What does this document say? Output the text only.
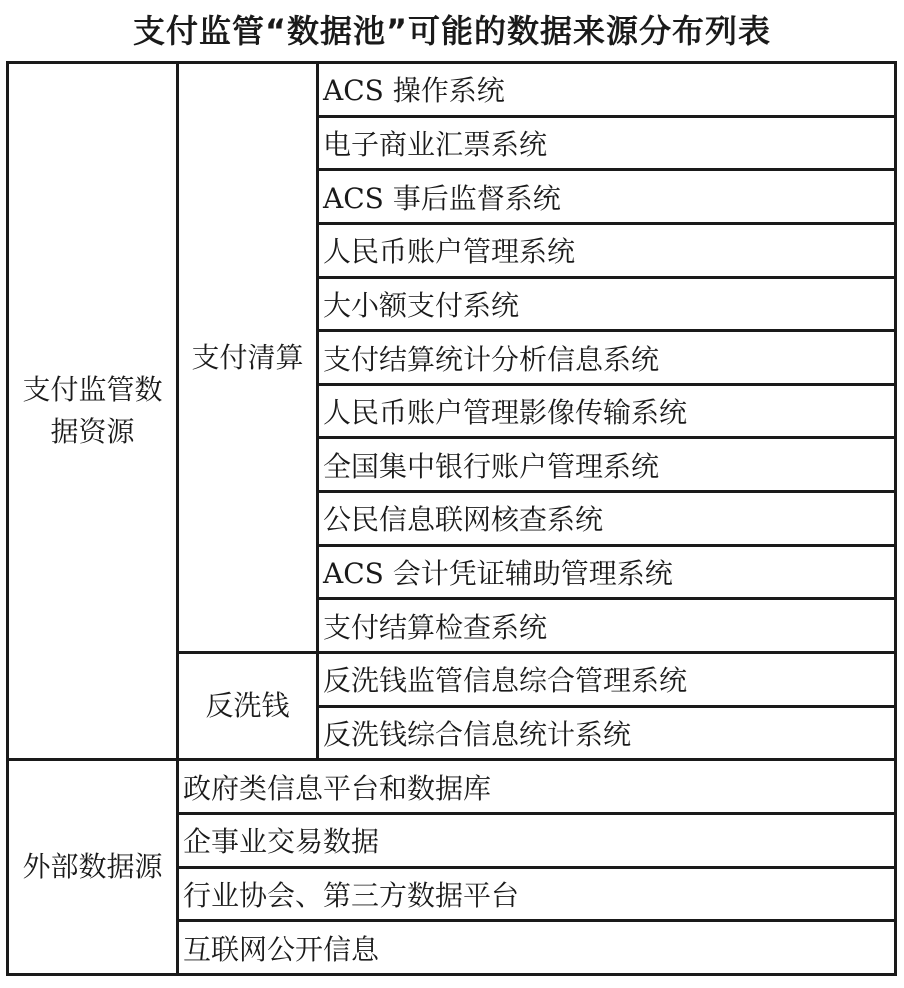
支付监管“数据池”可能的数据来源分布列表
支付监管数据资源	支付清算	ACS 操作系统
		电子商业汇票系统
		ACS 事后监督系统
		人民币账户管理系统
		大小额支付系统
		支付结算统计分析信息系统
		人民币账户管理影像传输系统
		全国集中银行账户管理系统
		公民信息联网核查系统
		ACS 会计凭证辅助管理系统
		支付结算检查系统
	反洗钱	反洗钱监管信息综合管理系统
		反洗钱综合信息统计系统
外部数据源	政府类信息平台和数据库	
	企事业交易数据	
	行业协会、第三方数据平台	
	互联网公开信息	
